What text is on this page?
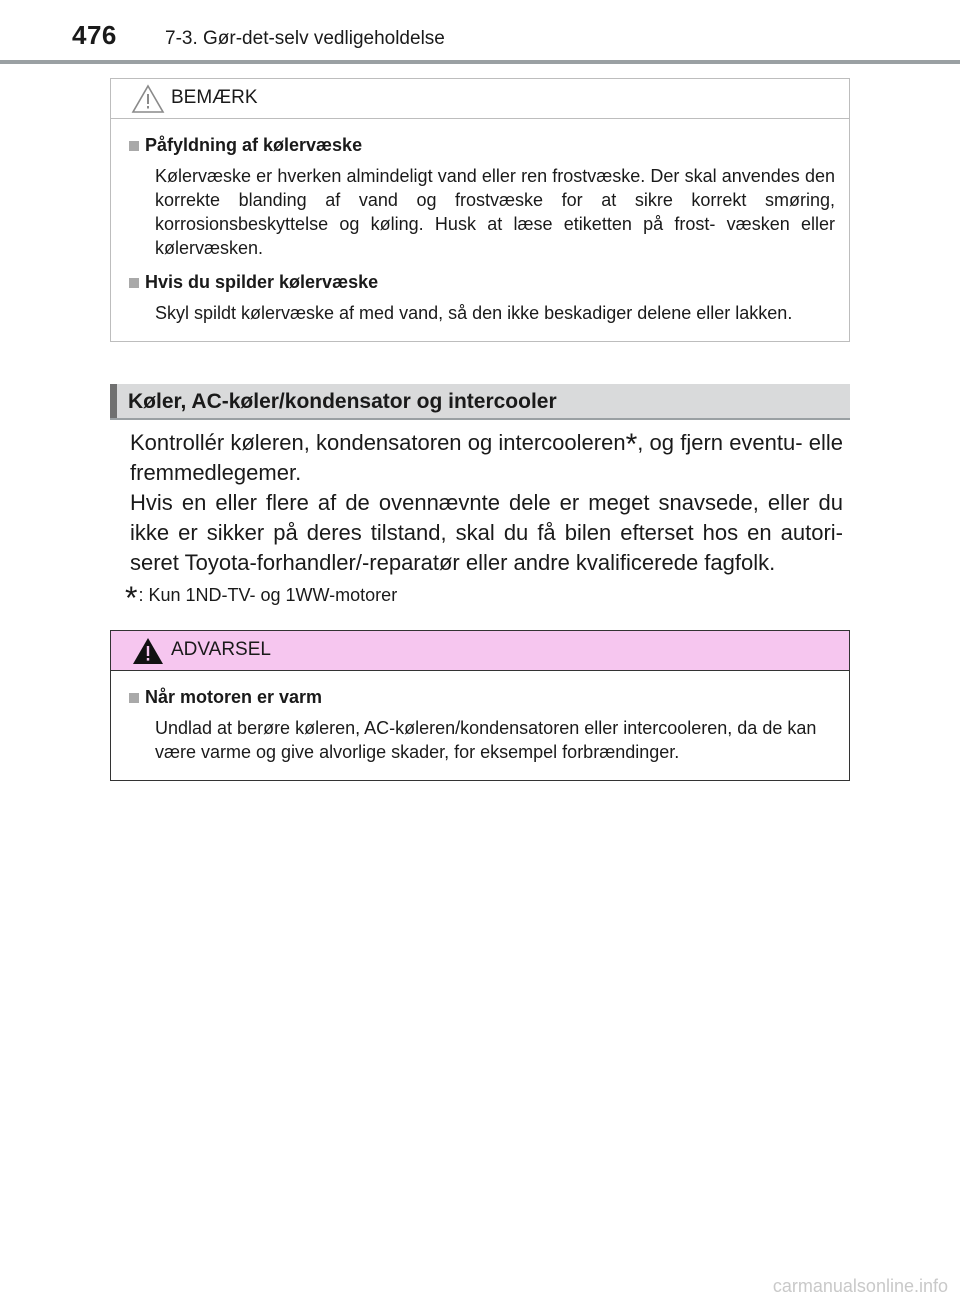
476	7-3. Gør-det-selv vedligeholdelse
BEMÆRK
Påfyldning af kølervæske

Kølervæske er hverken almindeligt vand eller ren frostvæske. Der skal anvendes den korrekte blanding af vand og frostvæske for at sikre korrekt smøring, korrosionsbeskyttelse og køling. Husk at læse etiketten på frost- væsken eller kølervæsken.

Hvis du spilder kølervæske

Skyl spildt kølervæske af med vand, så den ikke beskadiger delene eller lakken.

Køler, AC-køler/kondensator og intercooler

Kontrollér køleren, kondensatoren og intercooleren*, og fjern eventu- elle fremmedlegemer.

Hvis en eller flere af de ovennævnte dele er meget snavsede, eller du ikke er sikker på deres tilstand, skal du få bilen efterset hos en autori- seret Toyota-forhandler/-reparatør eller andre kvalificerede fagfolk.

*: Kun 1ND-TV- og 1WW-motorer
ADVARSEL
Når motoren er varm

Undlad at berøre køleren, AC-køleren/kondensatoren eller intercooleren, da de kan være varme og give alvorlige skader, for eksempel forbrændinger.

carmanualsonline.info
